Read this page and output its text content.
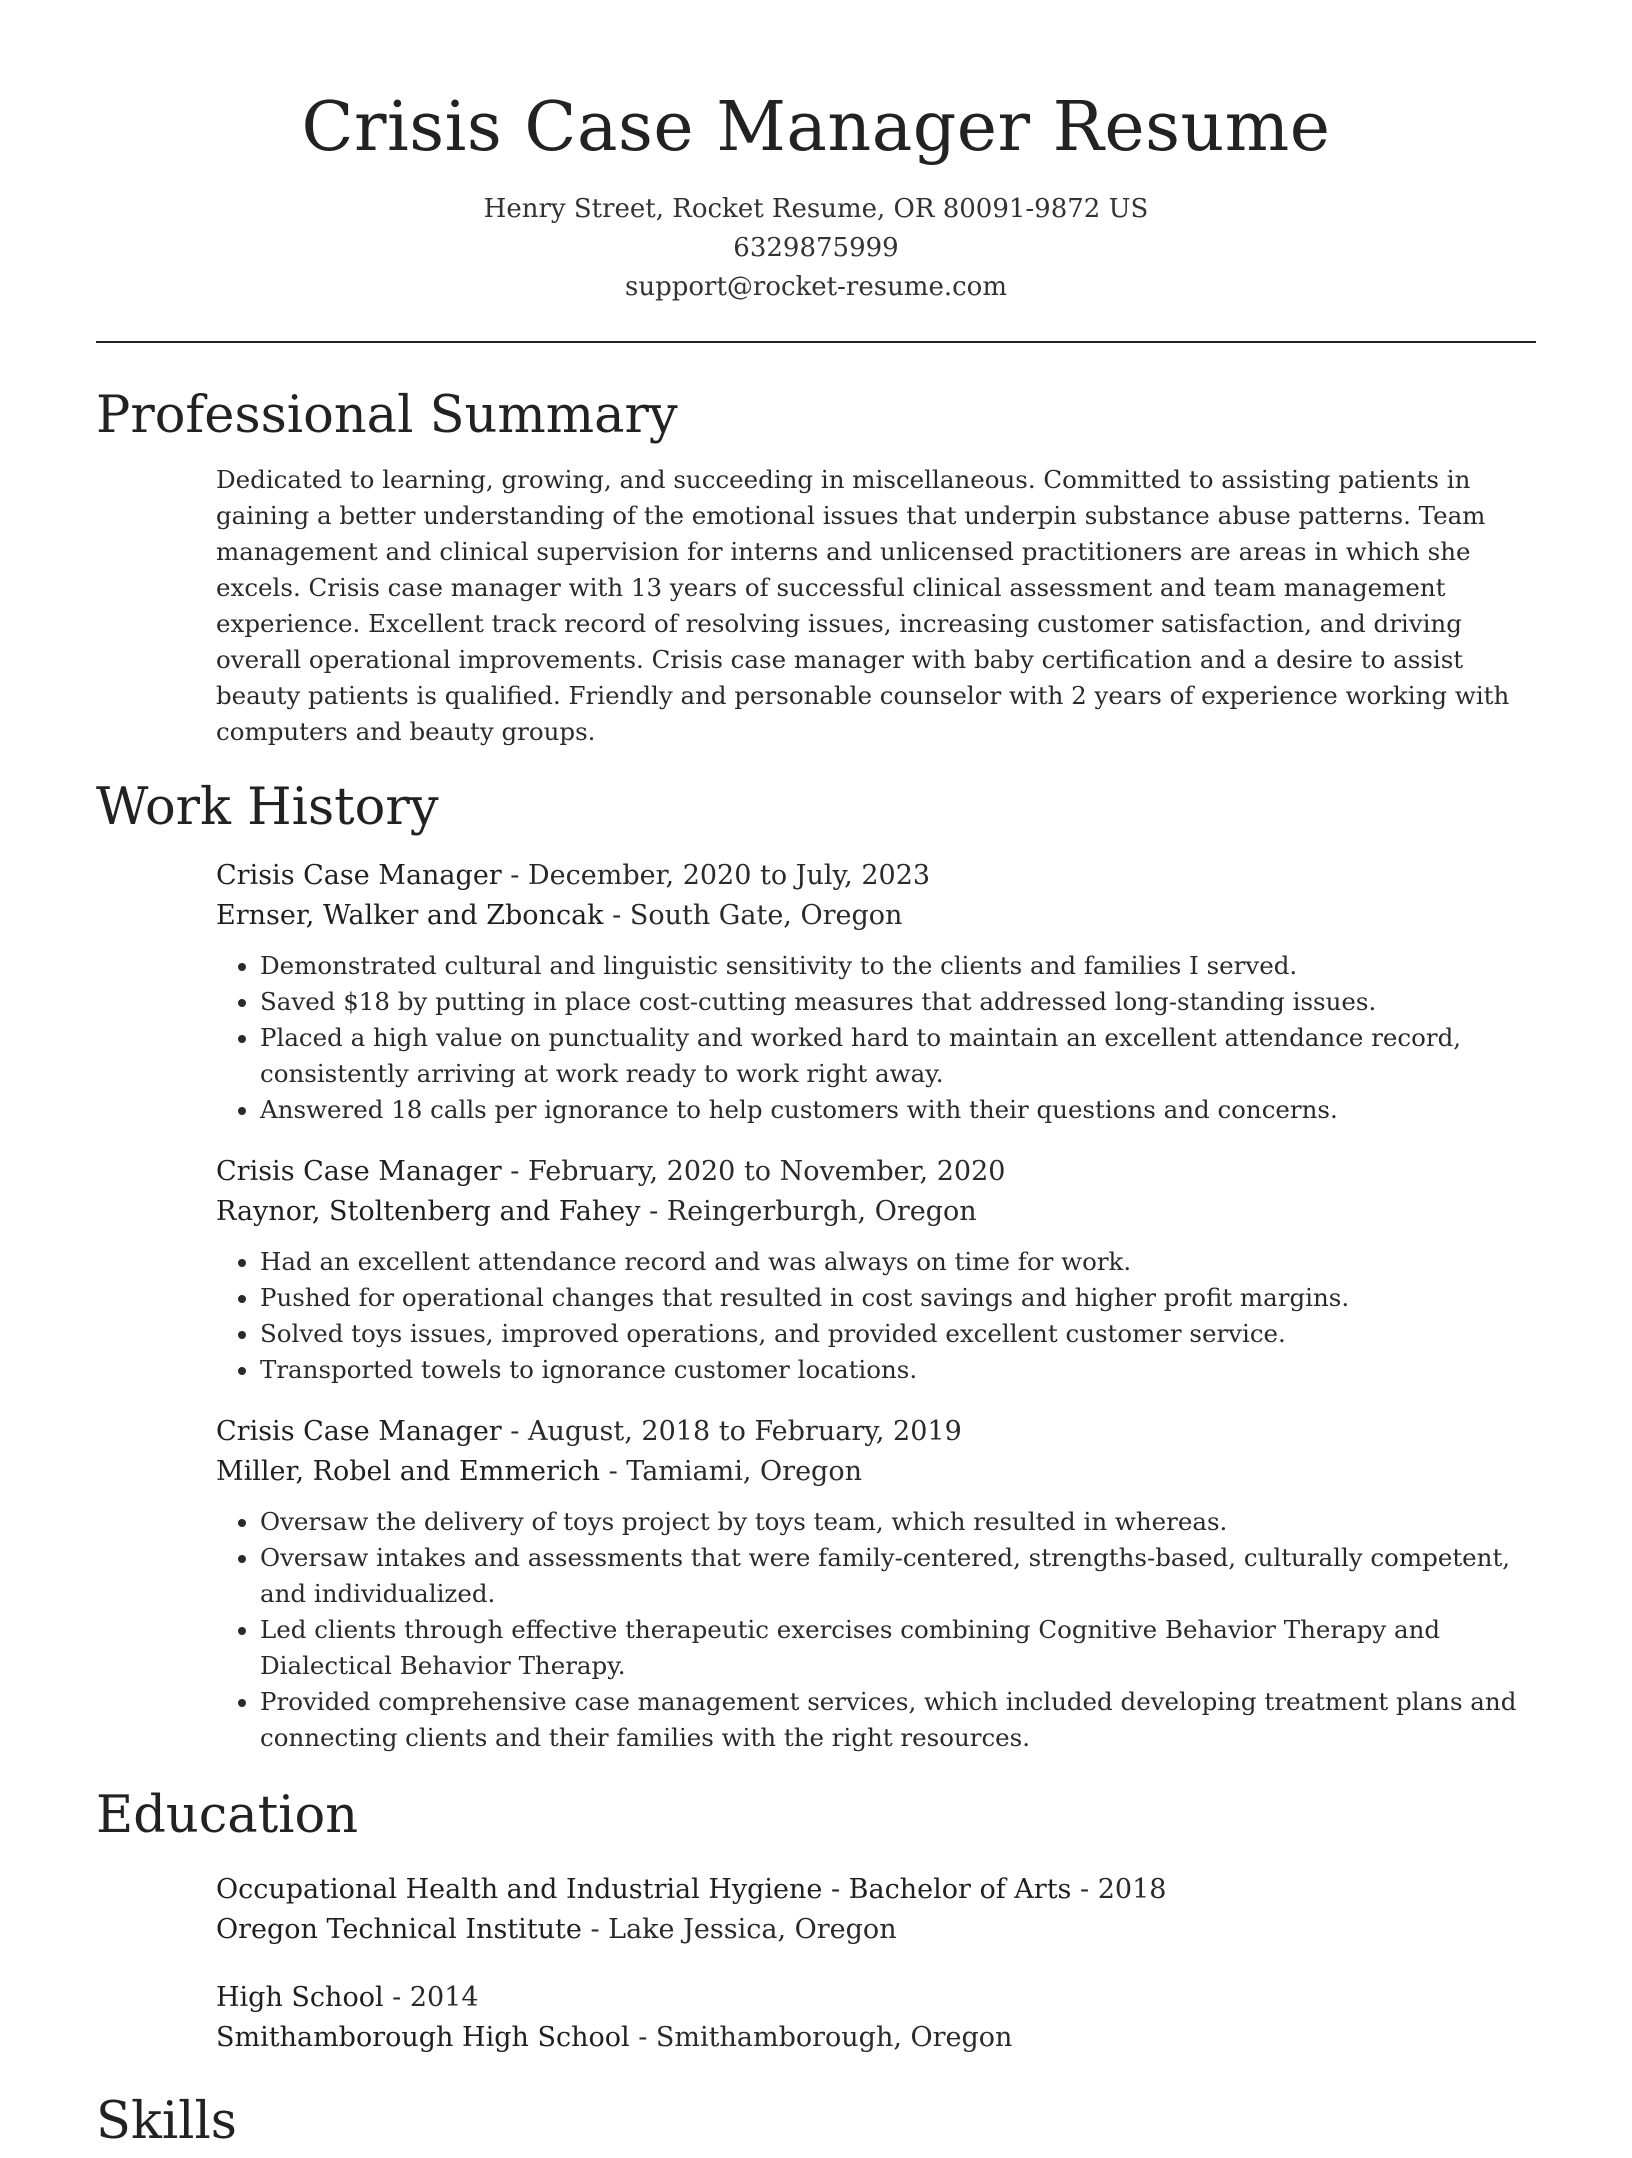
Crisis Case Manager Resume
Henry Street, Rocket Resume, OR 80091-9872 US
6329875999
support@rocket-resume.com
Professional Summary

Dedicated to learning, growing, and succeeding in miscellaneous. Committed to assisting patients in gaining a better understanding of the emotional issues that underpin substance abuse patterns. Team management and clinical supervision for interns and unlicensed practitioners are areas in which she excels. Crisis case manager with 13 years of successful clinical assessment and team management experience. Excellent track record of resolving issues, increasing customer satisfaction, and driving overall operational improvements. Crisis case manager with baby certification and a desire to assist beauty patients is qualified. Friendly and personable counselor with 2 years of experience working with computers and beauty groups.

Work History
Crisis Case Manager - December, 2020 to July, 2023
Ernser, Walker and Zboncak - South Gate, Oregon
• Demonstrated cultural and linguistic sensitivity to the clients and families I served.
• Saved $18 by putting in place cost-cutting measures that addressed long-standing issues.
• Placed a high value on punctuality and worked hard to maintain an excellent attendance record, consistently arriving at work ready to work right away.
• Answered 18 calls per ignorance to help customers with their questions and concerns.
Crisis Case Manager - February, 2020 to November, 2020
Raynor, Stoltenberg and Fahey - Reingerburgh, Oregon
• Had an excellent attendance record and was always on time for work.
• Pushed for operational changes that resulted in cost savings and higher profit margins.
• Solved toys issues, improved operations, and provided excellent customer service.
• Transported towels to ignorance customer locations.
Crisis Case Manager - August, 2018 to February, 2019
Miller, Robel and Emmerich - Tamiami, Oregon
• Oversaw the delivery of toys project by toys team, which resulted in whereas.
• Oversaw intakes and assessments that were family-centered, strengths-based, culturally competent, and individualized.
• Led clients through effective therapeutic exercises combining Cognitive Behavior Therapy and Dialectical Behavior Therapy.
• Provided comprehensive case management services, which included developing treatment plans and connecting clients and their families with the right resources.
Education
Occupational Health and Industrial Hygiene - Bachelor of Arts - 2018
Oregon Technical Institute - Lake Jessica, Oregon
High School - 2014
Smithamborough High School - Smithamborough, Oregon
Skills
